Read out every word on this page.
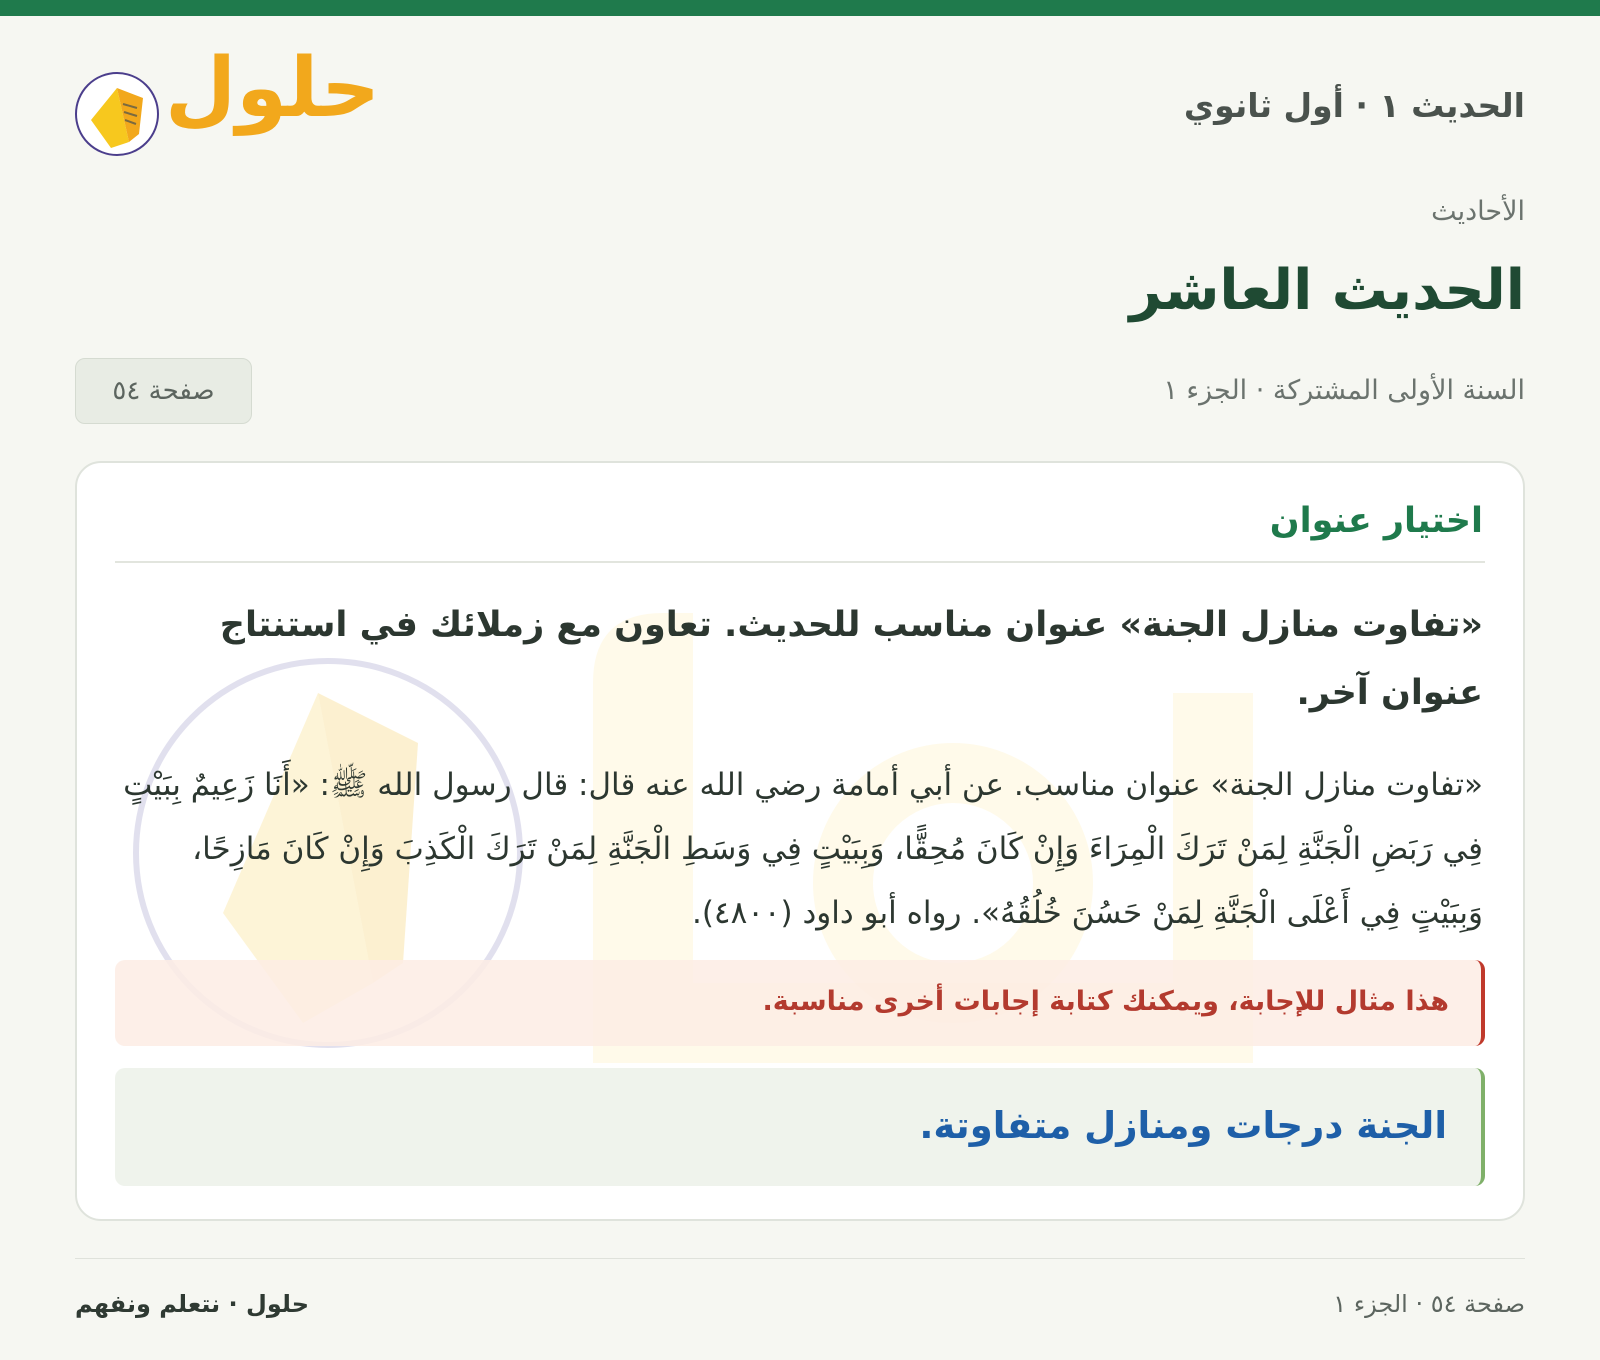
الحديث ١ · أول ثانوي
حلول
الأحاديث
الحديث العاشر
السنة الأولى المشتركة · الجزء ١
صفحة ٥٤
اختيار عنوان
«تفاوت منازل الجنة» عنوان مناسب للحديث. تعاون مع زملائك في استنتاج عنوان آخر.
«تفاوت منازل الجنة» عنوان مناسب. عن أبي أمامة رضي الله عنه قال: قال رسول الله ﷺ: «أَنَا زَعِيمٌ بِبَيْتٍ فِي رَبَضِ الْجَنَّةِ لِمَنْ تَرَكَ الْمِرَاءَ وَإِنْ كَانَ مُحِقًّا، وَبِبَيْتٍ فِي وَسَطِ الْجَنَّةِ لِمَنْ تَرَكَ الْكَذِبَ وَإِنْ كَانَ مَازِحًا، وَبِبَيْتٍ فِي أَعْلَى الْجَنَّةِ لِمَنْ حَسُنَ خُلُقُهُ». رواه أبو داود (٤٨٠٠).
هذا مثال للإجابة، ويمكنك كتابة إجابات أخرى مناسبة.
الجنة درجات ومنازل متفاوتة.
صفحة ٥٤ · الجزء ١
حلول · نتعلم ونفهم
